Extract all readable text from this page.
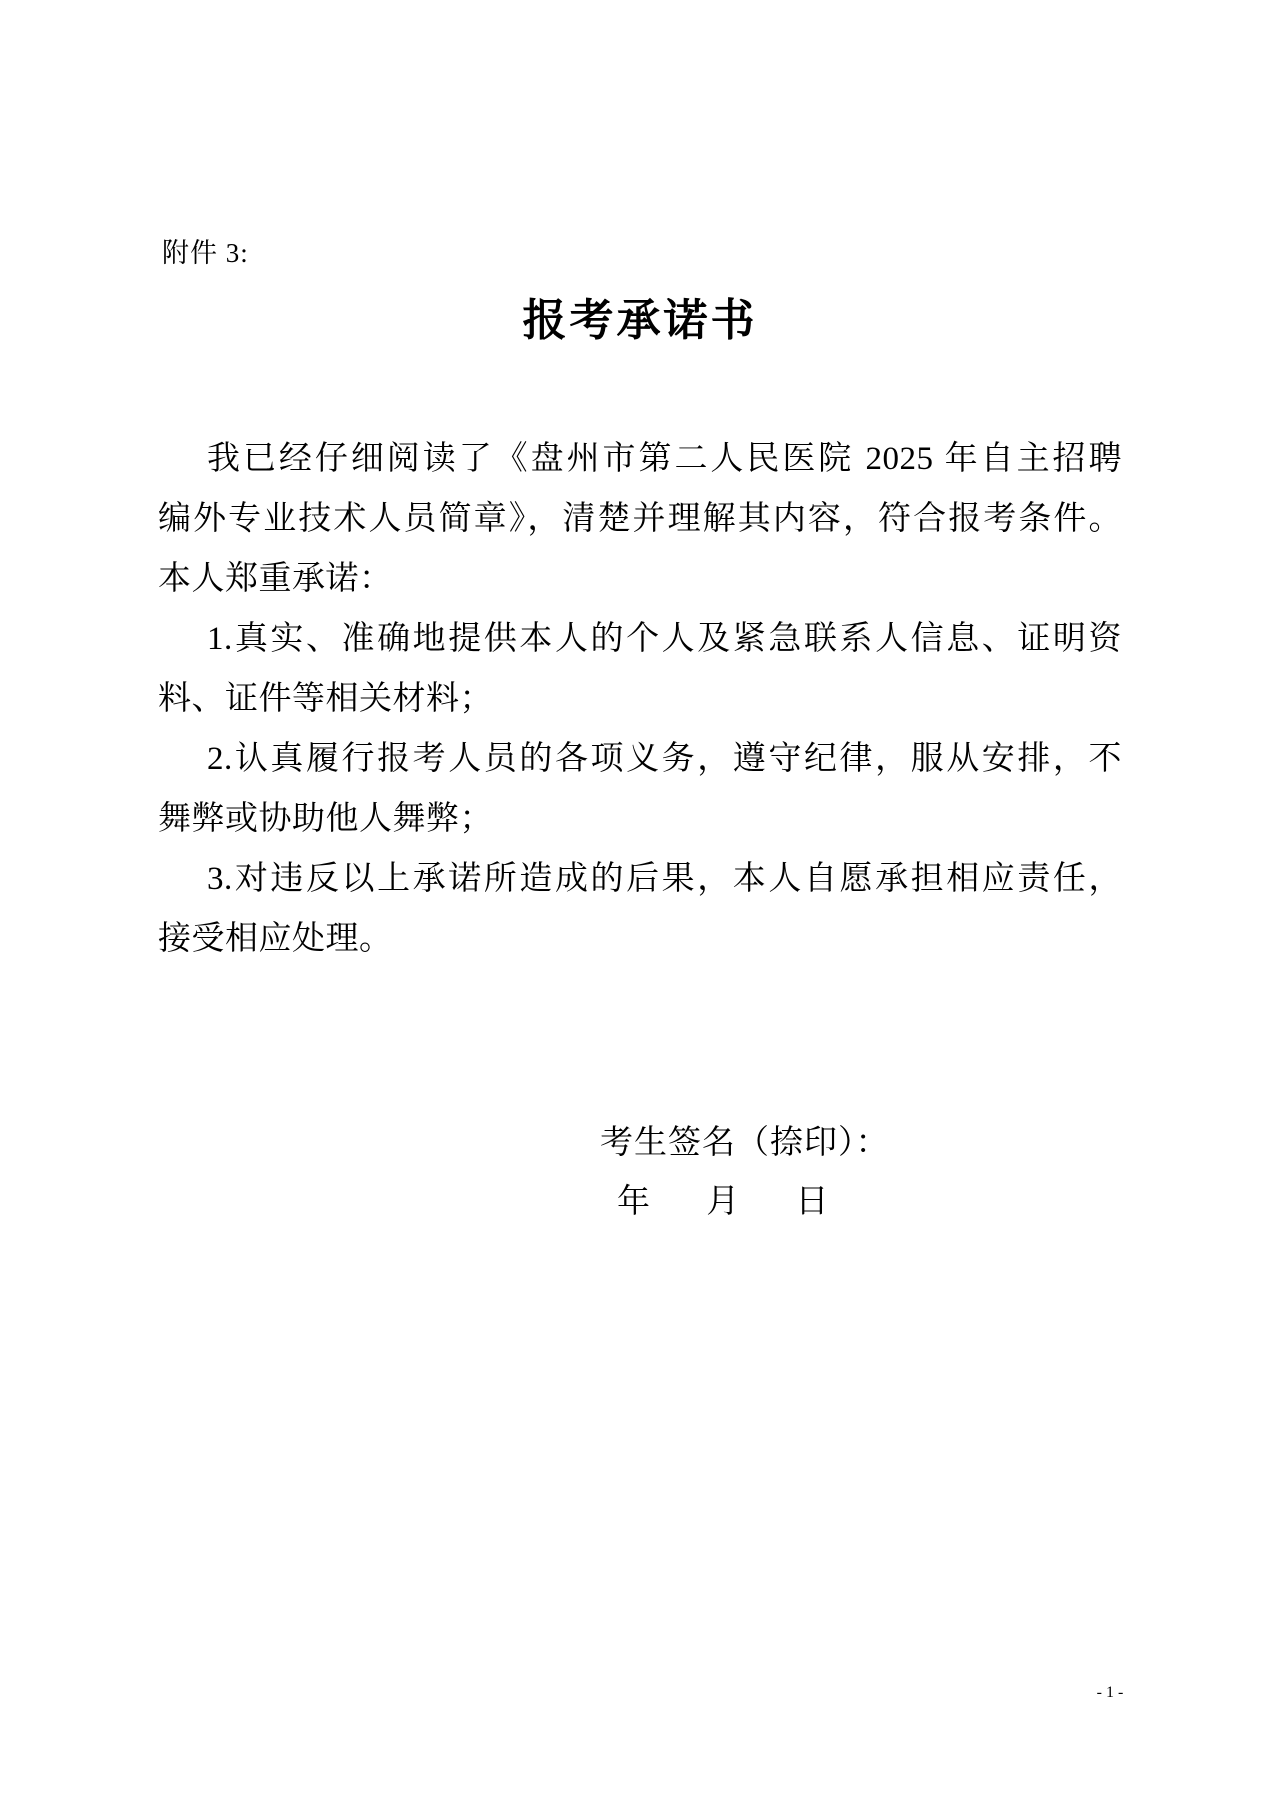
附件 3:
报考承诺书
我已经仔细阅读了《盘州市第二人民医院 2025 年自主招聘
编外专业技术人员简章》，清楚并理解其内容，符合报考条件。
本人郑重承诺：
1.真实、准确地提供本人的个人及紧急联系人信息、证明资
料、证件等相关材料；
2.认真履行报考人员的各项义务，遵守纪律，服从安排，不
舞弊或协助他人舞弊；
3.对违反以上承诺所造成的后果，本人自愿承担相应责任，
接受相应处理。
考生签名（捺印）：
年 月 日
- 1 -
